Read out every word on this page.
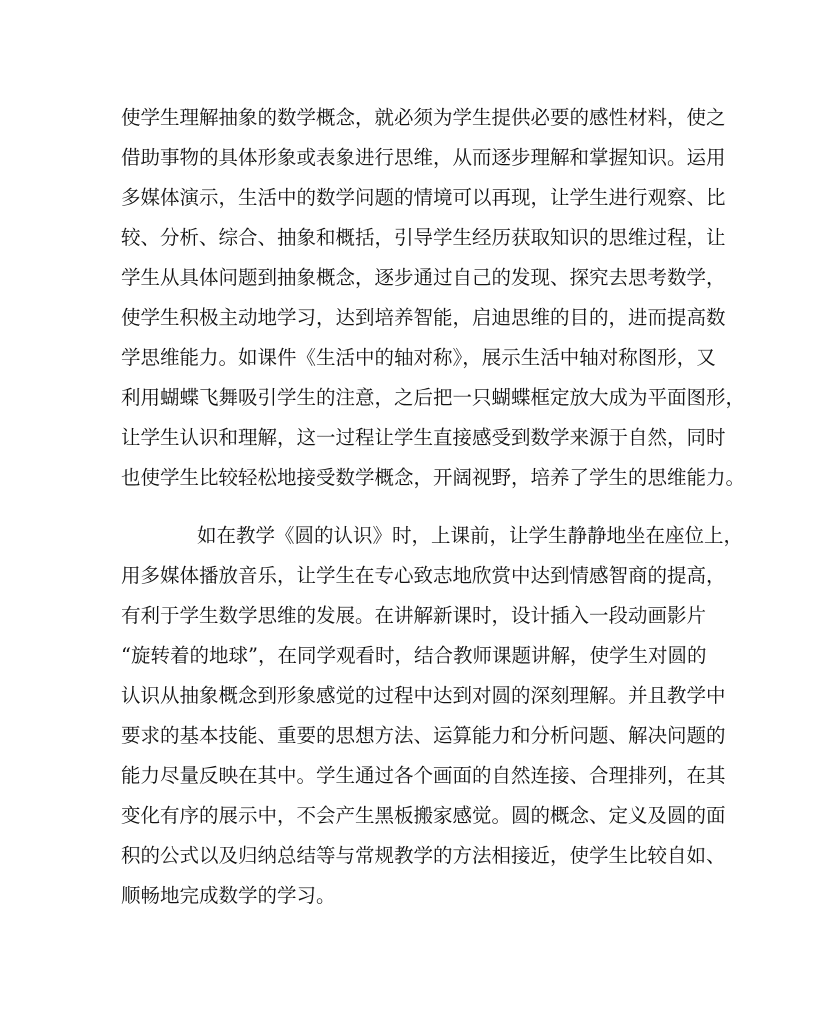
使学生理解抽象的数学概念，就必须为学生提供必要的感性材料，使之
借助事物的具体形象或表象进行思维，从而逐步理解和掌握知识。运用
多媒体演示，生活中的数学问题的情境可以再现，让学生进行观察、比
较、分析、综合、抽象和概括，引导学生经历获取知识的思维过程，让
学生从具体问题到抽象概念，逐步通过自己的发现、探究去思考数学，
使学生积极主动地学习，达到培养智能，启迪思维的目的，进而提高数
学思维能力。如课件《生活中的轴对称》，展示生活中轴对称图形，又
利用蝴蝶飞舞吸引学生的注意，之后把一只蝴蝶框定放大成为平面图形，
让学生认识和理解，这一过程让学生直接感受到数学来源于自然，同时
也使学生比较轻松地接受数学概念，开阔视野，培养了学生的思维能力。
如在教学《圆的认识》时，上课前，让学生静静地坐在座位上，
用多媒体播放音乐，让学生在专心致志地欣赏中达到情感智商的提高，
有利于学生数学思维的发展。在讲解新课时，设计插入一段动画影片
“旋转着的地球”，在同学观看时，结合教师课题讲解，使学生对圆的
认识从抽象概念到形象感觉的过程中达到对圆的深刻理解。并且教学中
要求的基本技能、重要的思想方法、运算能力和分析问题、解决问题的
能力尽量反映在其中。学生通过各个画面的自然连接、合理排列，在其
变化有序的展示中，不会产生黑板搬家感觉。圆的概念、定义及圆的面
积的公式以及归纳总结等与常规教学的方法相接近，使学生比较自如、
顺畅地完成数学的学习。
